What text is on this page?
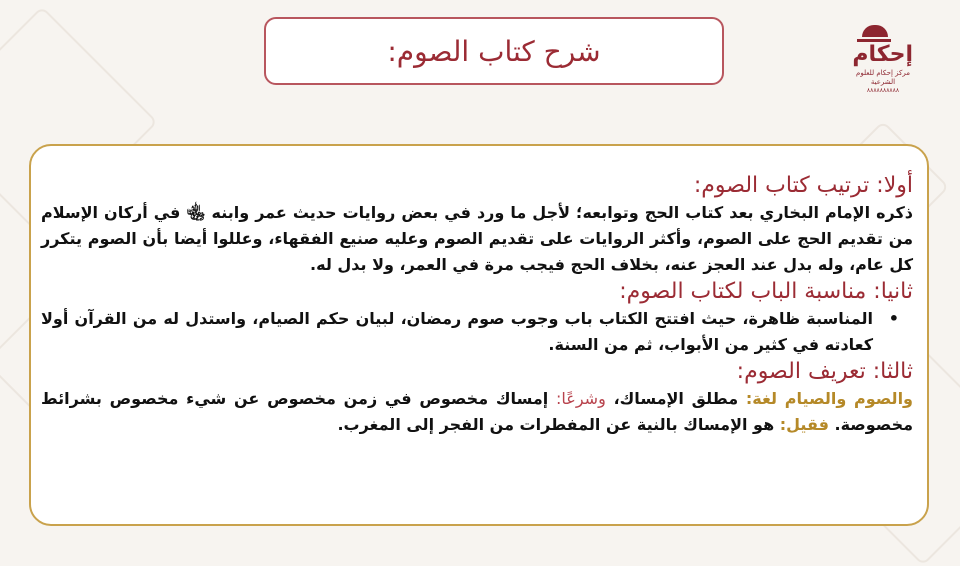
شرح كتاب الصوم:	إحكام
مركز إحكام للعلوم الشرعية
٨٨٨٨٨٨٨٨٨٨
أولا: ترتيب كتاب الصوم:
ذكره الإمام البخاري بعد كتاب الحج وتوابعه؛ لأجل ما ورد في بعض روايات حديث عمر وابنه ﵄ في أركان الإسلام من تقديم الحج على الصوم، وأكثر الروايات على تقديم الصوم وعليه صنيع الفقهاء، وعللوا أيضا بأن الصوم يتكرر كل عام، وله بدل عند العجز عنه، بخلاف الحج فيجب مرة في العمر، ولا بدل له.
ثانيا: مناسبة الباب لكتاب الصوم:
•
المناسبة ظاهرة، حيث افتتح الكتاب باب وجوب صوم رمضان، لبيان حكم الصيام، واستدل له من القرآن أولا كعادته في كثير من الأبواب، ثم من السنة.
ثالثا: تعريف الصوم:
والصوم والصيام لغة: مطلق الإمساك، وشرعًا: إمساك مخصوص في زمن مخصوص عن شيء مخصوص بشرائط مخصوصة. فقيل: هو الإمساك بالنية عن المفطرات من الفجر إلى المغرب.
